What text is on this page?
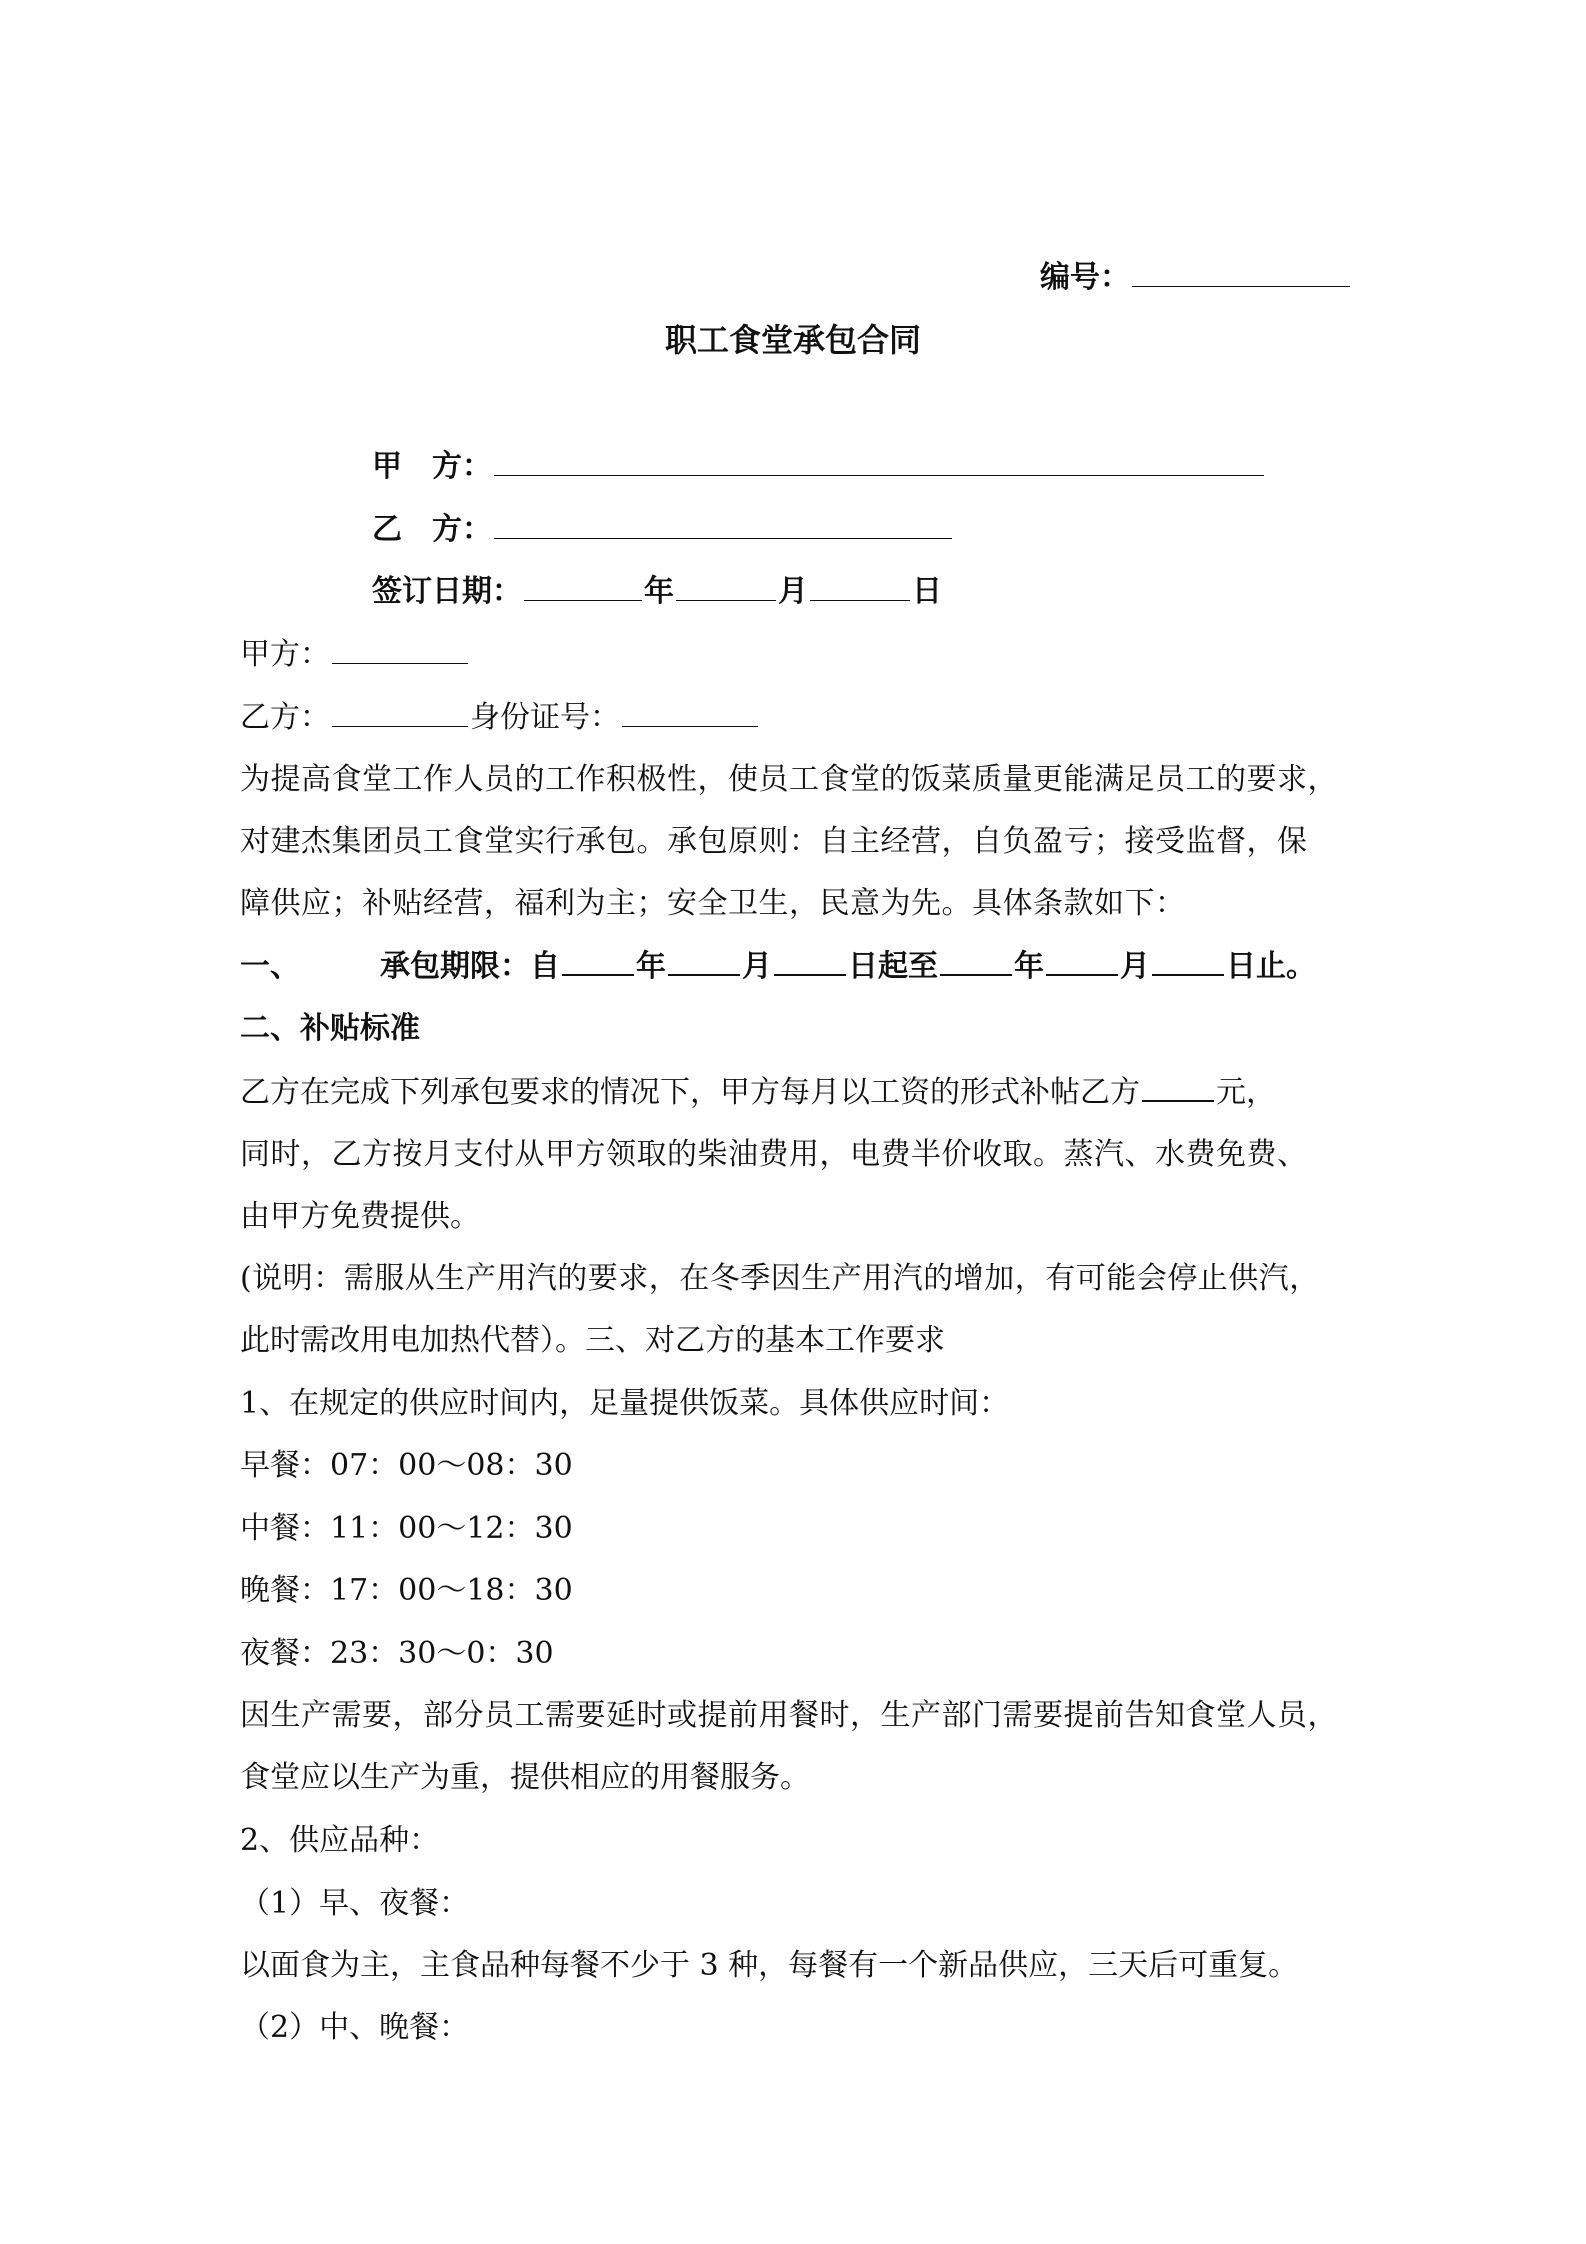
编号：
职工食堂承包合同
甲　方：
乙　方：
签订日期：	年	月	日
甲方：
乙方：	身份证号：
为提高食堂工作人员的工作积极性，使员工食堂的饭菜质量更能满足员工的要求，
对建杰集团员工食堂实行承包。承包原则：自主经营，自负盈亏；接受监督，保
障供应；补贴经营，福利为主；安全卫生，民意为先。具体条款如下：
一、	承包期限：自	年	月	日起至	年	月	日止。
二、补贴标准
乙方在完成下列承包要求的情况下，甲方每月以工资的形式补帖乙方	元，
同时，乙方按月支付从甲方领取的柴油费用，电费半价收取。蒸汽、水费免费、
由甲方免费提供。
(说明：需服从生产用汽的要求，在冬季因生产用汽的增加，有可能会停止供汽，
此时需改用电加热代替）。三、对乙方的基本工作要求
1、在规定的供应时间内，足量提供饭菜。具体供应时间：
早餐：07：00～08：30
中餐：11：00～12：30
晚餐：17：00～18：30
夜餐：23：30～0：30
因生产需要，部分员工需要延时或提前用餐时，生产部门需要提前告知食堂人员，
食堂应以生产为重，提供相应的用餐服务。
2、供应品种：
（1）早、夜餐：
以面食为主，主食品种每餐不少于 3 种，每餐有一个新品供应，三天后可重复。
（2）中、晚餐：
